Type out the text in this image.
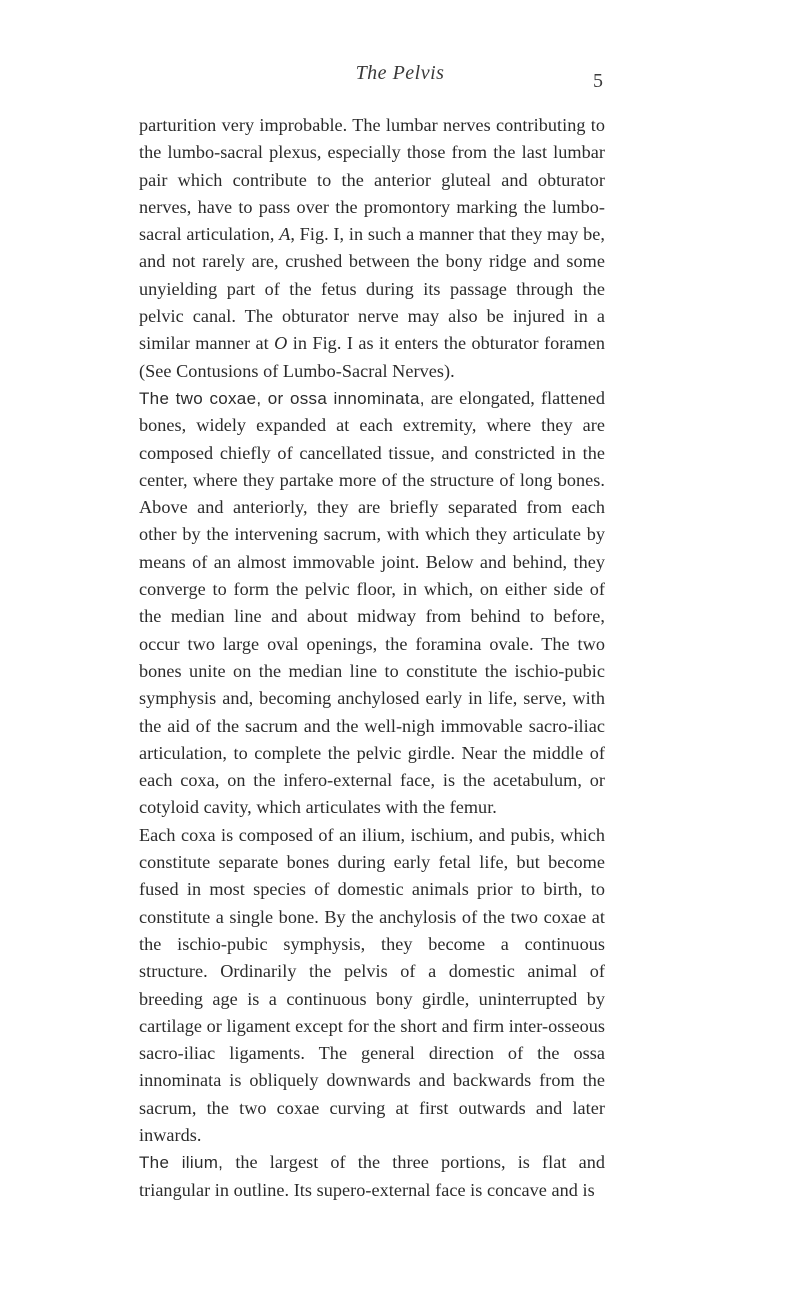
The Pelvis	5

parturition very improbable. The lumbar nerves contributing to the lumbo-sacral plexus, especially those from the last lumbar pair which contribute to the anterior gluteal and obturator nerves, have to pass over the promontory marking the lumbo-sacral articulation, A, Fig. I, in such a manner that they may be, and not rarely are, crushed between the bony ridge and some unyielding part of the fetus during its passage through the pelvic canal. The obturator nerve may also be injured in a similar manner at O in Fig. I as it enters the obturator foramen (See Contusions of Lumbo-Sacral Nerves).

The two coxae, or ossa innominata, are elongated, flattened bones, widely expanded at each extremity, where they are composed chiefly of cancellated tissue, and constricted in the center, where they partake more of the structure of long bones. Above and anteriorly, they are briefly separated from each other by the intervening sacrum, with which they articulate by means of an almost immovable joint. Below and behind, they converge to form the pelvic floor, in which, on either side of the median line and about midway from behind to before, occur two large oval openings, the foramina ovale. The two bones unite on the median line to constitute the ischio-pubic symphysis and, becoming anchylosed early in life, serve, with the aid of the sacrum and the well-nigh immovable sacro-iliac articulation, to complete the pelvic girdle. Near the middle of each coxa, on the infero-external face, is the acetabulum, or cotyloid cavity, which articulates with the femur.

Each coxa is composed of an ilium, ischium, and pubis, which constitute separate bones during early fetal life, but become fused in most species of domestic animals prior to birth, to constitute a single bone. By the anchylosis of the two coxae at the ischio-pubic symphysis, they become a continuous structure. Ordinarily the pelvis of a domestic animal of breeding age is a continuous bony girdle, uninterrupted by cartilage or ligament except for the short and firm inter-osseous sacro-iliac ligaments. The general direction of the ossa innominata is obliquely downwards and backwards from the sacrum, the two coxae curving at first outwards and later inwards.

The ilium, the largest of the three portions, is flat and triangular in outline. Its supero-external face is concave and is
